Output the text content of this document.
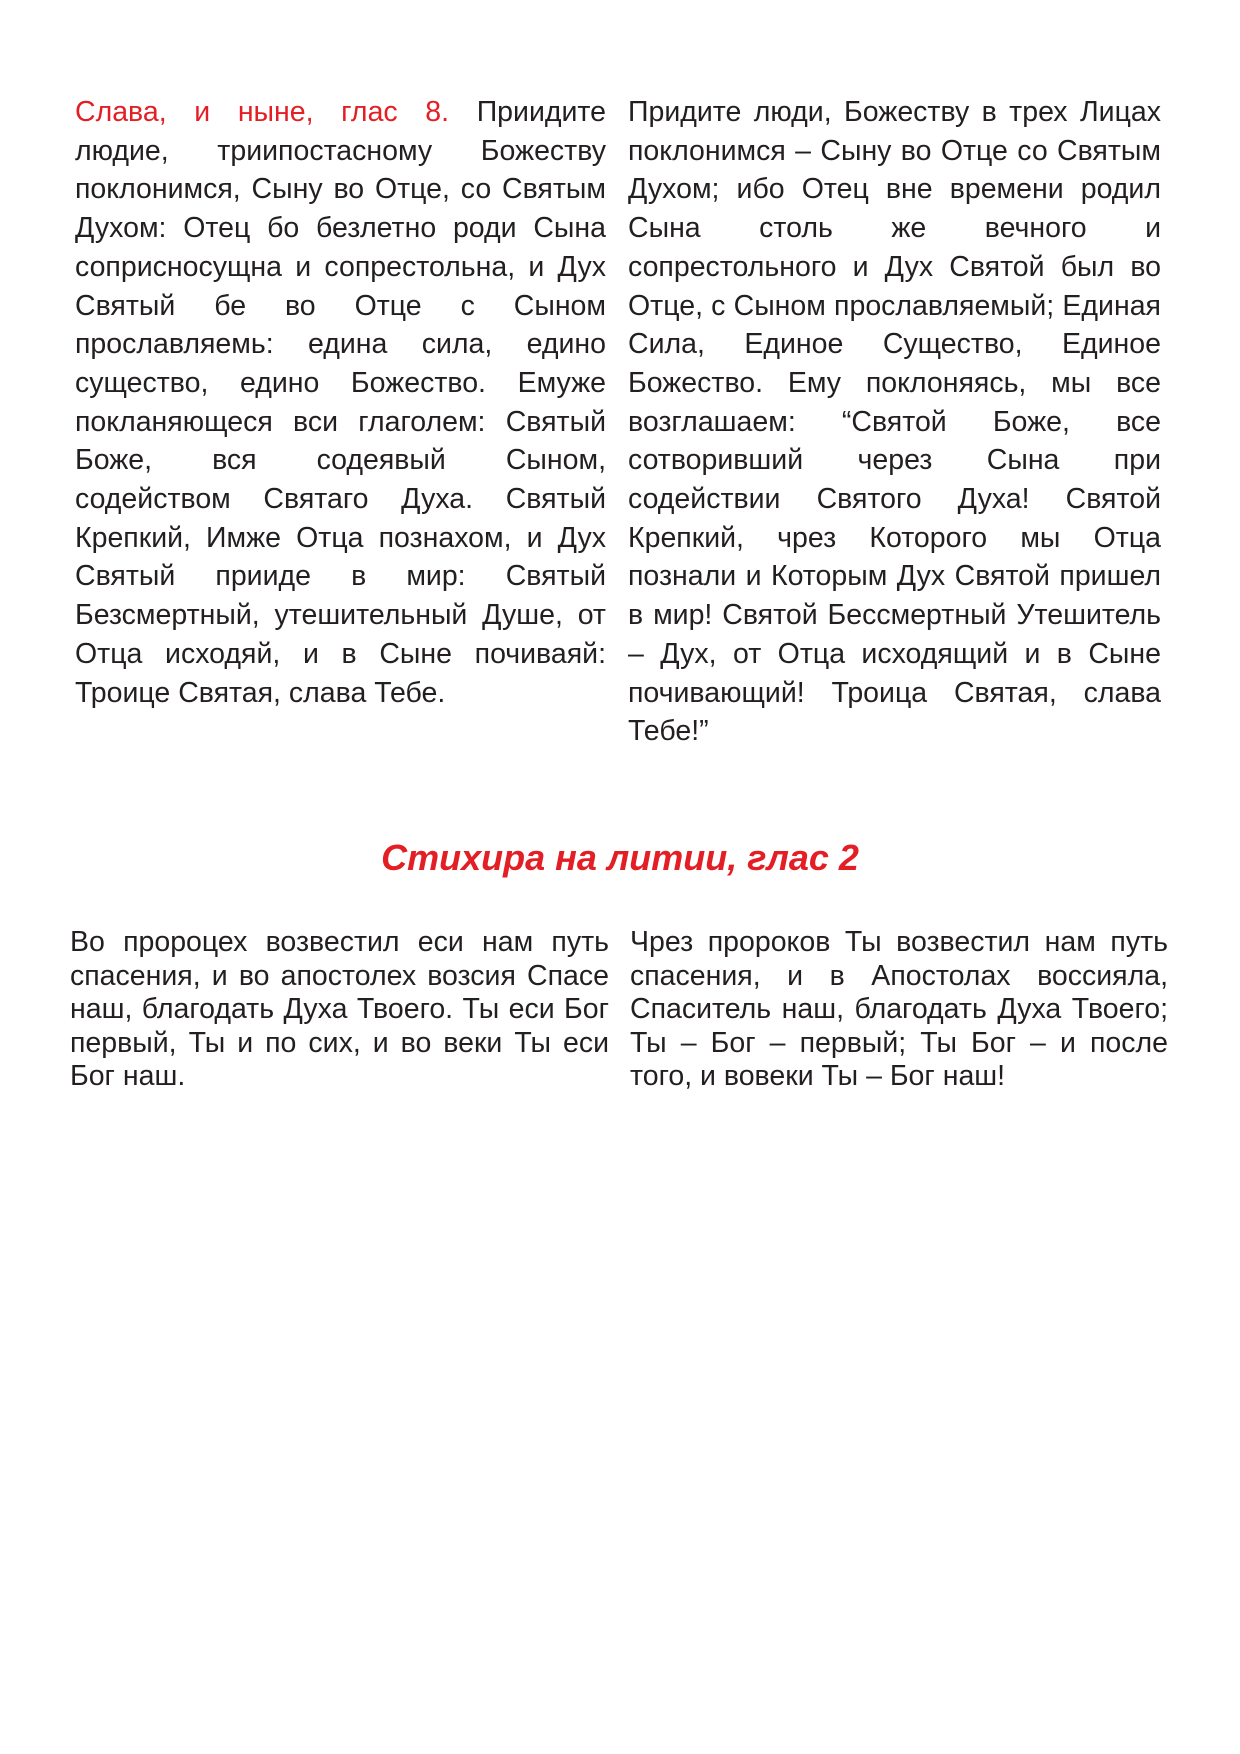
Слава, и ныне, глас 8. Приидите людие, триипостасному Божеству поклонимся, Сыну во Отце, со Святым Духом: Отец бо безлетно роди Сына соприсносущна и сопрестольна, и Дух Святый бе во Отце с Сыном прославляемь: едина сила, едино существо, едино Божество. Емуже покланяющеся вси глаголем: Святый Боже, вся содеявый Сыном, содейством Святаго Духа. Святый Крепкий, Имже Отца познахом, и Дух Святый прииде в мир: Святый Безсмертный, утешительный Душе, от Отца исходяй, и в Сыне почиваяй: Троице Святая, слава Тебе.
Придите люди, Божеству в трех Лицах поклонимся – Сыну во Отце со Святым Духом; ибо Отец вне времени родил Сына столь же вечного и сопрестольного и Дух Святой был во Отце, с Сыном прославляемый; Единая Сила, Единое Существо, Единое Божество. Ему поклоняясь, мы все возглашаем: “Святой Боже, все сотворивший через Сына при содействии Святого Духа! Святой Крепкий, чрез Которого мы Отца познали и Которым Дух Святой пришел в мир! Святой Бессмертный Утешитель – Дух, от Отца исходящий и в Сыне почивающий! Троица Святая, слава Тебе!”
Стихира на литии, глас 2
Во пророцех возвестил еси нам путь спасения, и во апостолех возсия Спасе наш, благодать Духа Твоего. Ты еси Бог первый, Ты и по сих, и во веки Ты еси Бог наш.
Чрез пророков Ты возвестил нам путь спасения, и в Апостолах воссияла, Спаситель наш, благодать Духа Твоего; Ты – Бог – первый; Ты Бог – и после того, и вовеки Ты – Бог наш!
